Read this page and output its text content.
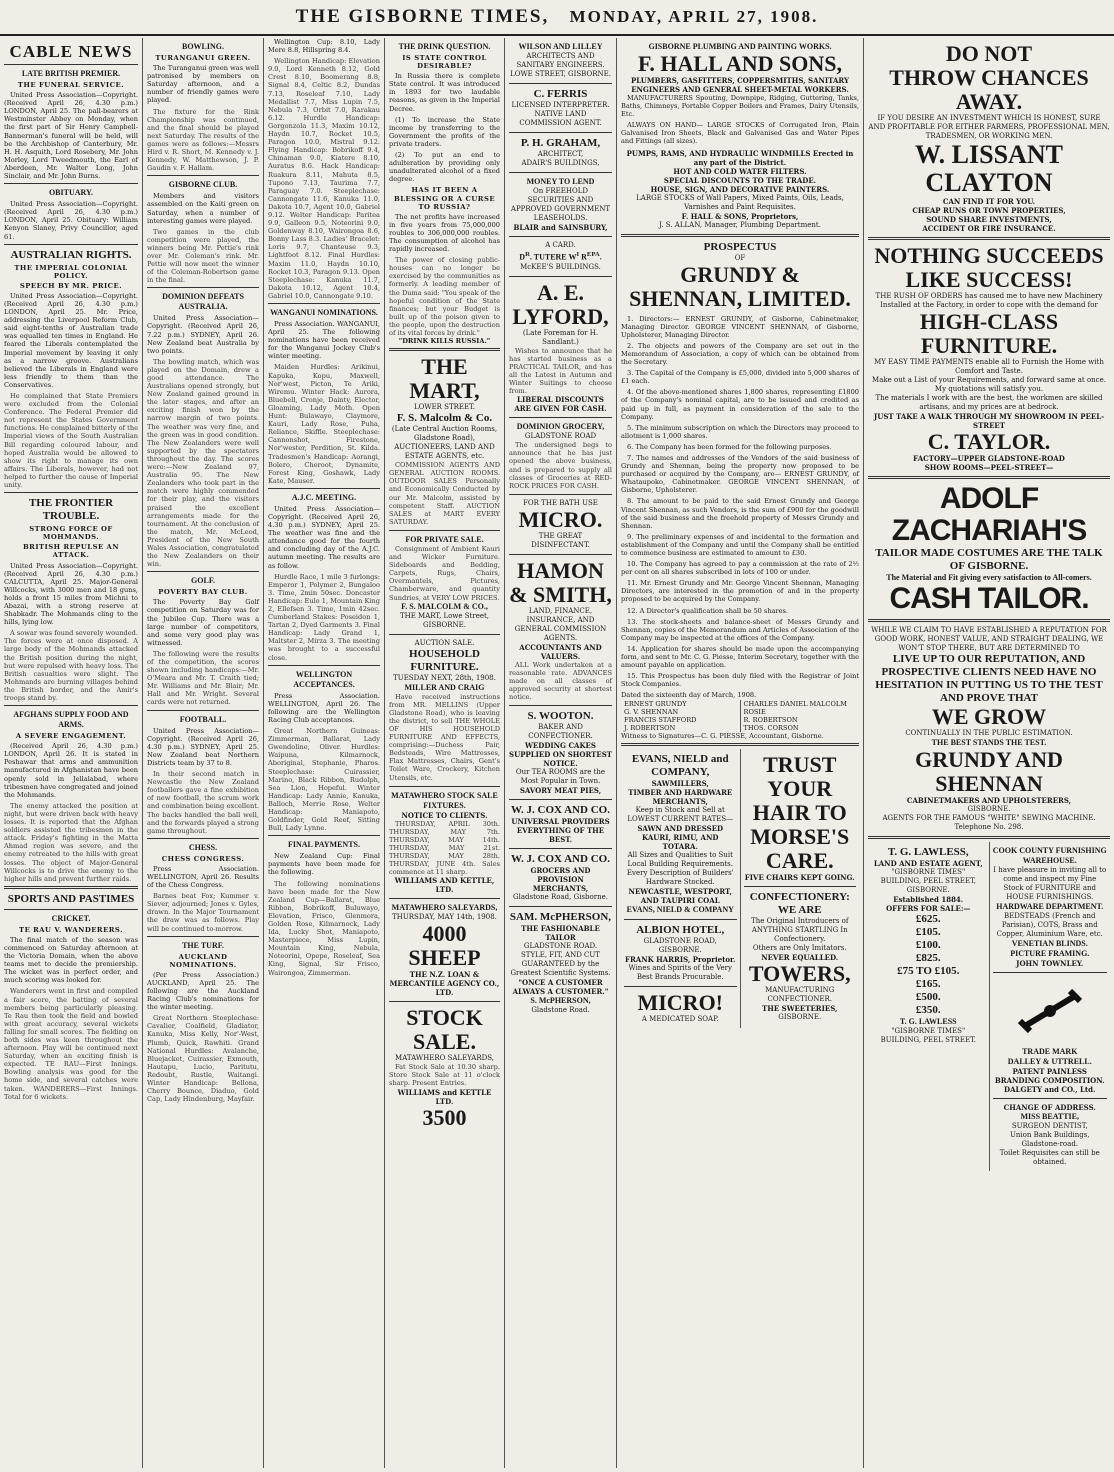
THE GISBORNE TIMES, MONDAY, APRIL 27, 1908.
CABLE NEWS
LATE BRITISH PREMIER.
THE FUNERAL SERVICE.

United Press Association—Copyright. (Received April 26, 4.30 p.m.) LONDON, April 25. The pall-bearers at Westminster Abbey on Monday, when the first part of Sir Henry Campbell-Bannerman's funeral will be held, will be the Archbishop of Canterbury, Mr. H. H. Asquith, Lord Rosebery, Mr. John Morley, Lord Tweedmouth, the Earl of Aberdeen, Mr. Walter Long, John Sinclair, and Mr. John Burns.

OBITUARY.

United Press Association—Copyright. (Received April 26, 4.30 p.m.) LONDON, April 25. Obituary: William Kenyon Slaney, Privy Councillor, aged 61.

AUSTRALIAN RIGHTS.
THE IMPERIAL COLONIAL POLICY.
SPEECH BY MR. PRICE.

United Press Association—Copyright. (Received April 26, 4.30 p.m.) LONDON, April 25. Mr. Price, addressing the Liverpool Reform Club, said eight-tenths of Australian trade was equalled ten times in England. He feared the Liberals contemplated the Imperial movement by leaving it only as a narrow groove. Australians believed the Liberals in England were less friendly to them than the Conservatives.

He complained that State Premiers were excluded from the Colonial Conference. The Federal Premier did not represent the States Government functions. He complained bitterly of the Imperial views of the South Australian Bill regarding coloured labour, and hoped Australia would be allowed to show its right to manage its own affairs. The Liberals, however, had not helped to further the cause of Imperial unity.
THE FRONTIER TROUBLE.
STRONG FORCE OF MOHMANDS.
BRITISH REPULSE AN ATTACK.

United Press Association—Copyright. (Received April 26, 4.30 p.m.) CALCUTTA, April 25. Major-General Willcocks, with 3000 men and 18 guns, holds a front 15 miles from Michni to Abazai, with a strong reserve at Shabkadr. The Mohmands cling to the hills, lying low.

A sowar was found severely wounded. The forces were at once disposed. A large body of the Mohmands attacked the British position during the night, but were repulsed with heavy loss. The British casualties were slight. The Mohmands are burning villages behind the British border, and the Amir's troops stand by.
AFGHANS SUPPLY FOOD AND ARMS.
A SEVERE ENGAGEMENT.

(Received April 26, 4.30 p.m.) LONDON, April 26. It is stated in Peshawar that arms and ammunition manufactured in Afghanistan have been openly sold in Jellalabad, where tribesmen have congregated and joined the Mohmands.

The enemy attacked the position at night, but were driven back with heavy losses. It is reported that the Afghan soldiers assisted the tribesmen in the attack. Friday's fighting in the Matta Ahmad region was severe, and the enemy retreated to the hills with great losses. The object of Major-General Willcocks is to drive the enemy to the higher hills and prevent further raids.
SPORTS AND PASTIMES
CRICKET.
TE RAU V. WANDERERS.

The final match of the season was commenced on Saturday afternoon at the Victoria Domain, when the above teams met to decide the premiership. The wicket was in perfect order, and much scoring was looked for.

Wanderers went in first and compiled a fair score, the batting of several members being particularly pleasing. Te Rau then took the field and bowled with great accuracy, several wickets falling for small scores. The fielding on both sides was keen throughout the afternoon. Play will be continued next Saturday, when an exciting finish is expected. TE RAU—First Innings. Bowling analysis was good for the home side, and several catches were taken. WANDERERS—First Innings. Total for 6 wickets.
BOWLING.
TURANGANUI GREEN.

The Turanganui green was well patronised by members on Saturday afternoon, and a number of friendly games were played.

The fixture for the Rink Championship was continued, and the final should be played next Saturday. The results of the games were as follows:—Messrs Hird v. R. Short, M. Kennedy v. J. Kennedy, W. Matthewson, J. P. Gaudin v. F. Hallam.
GISBORNE CLUB.

Members and visitors assembled on the Kaiti green on Saturday, when a number of interesting games were played.

Two games in the club competition were played, the winners being Mr. Pettie's rink over Mr. Coleman's rink. Mr. Pettie will now meet the winner of the Coleman-Robertson game in the final.
DOMINION DEFEATS AUSTRALIA.

United Press Association—Copyright. (Received April 26, 7.22 p.m.) SYDNEY, April 26. New Zealand beat Australia by two points.

The bowling match, which was played on the Domain, drew a good attendance. The Australians opened strongly, but New Zealand gained ground in the later stages, and after an exciting finish won by the narrow margin of two points. The weather was very fine, and the green was in good condition. The New Zealanders were well supported by the spectators throughout the day. The scores were:—New Zealand 97, Australia 95. The New Zealanders who took part in the match were highly commended for their play, and the visitors praised the excellent arrangements made for the tournament. At the conclusion of the match, Mr. McLeod, President of the New South Wales Association, congratulated the New Zealanders on their win.
GOLF.
POVERTY BAY CLUB.

The Poverty Bay Golf competition on Saturday was for the Jubilee Cup. There was a large number of competitors, and some very good play was witnessed.

The following were the results of the competition, the scores shown including handicaps:—Mr. O'Meara and Mr. T. Craith tied; Mr. Williams and Mr. Blair; Mr. Hall and Mr. Wright. Several cards were not returned.
FOOTBALL.

United Press Association—Copyright. (Received April 26, 4.30 p.m.) SYDNEY, April 25. New Zealand beat Northern Districts team by 37 to 8.

In their second match in Newcastle the New Zealand footballers gave a fine exhibition of new football, the scrum work and combination being excellent. The backs handled the ball well, and the forwards played a strong game throughout.
CHESS.
CHESS CONGRESS.

Press Association. WELLINGTON, April 26. Results of the Chess Congress.

Barnes beat Fox; Kummer v. Siever, adjourned; Jones v. Gyles, drawn. In the Major Tournament the draw was as follows. Play will be continued to-morrow.
THE TURF.
AUCKLAND NOMINATIONS.

(Per Press Association.) AUCKLAND, April 25. The following are the Auckland Racing Club's nominations for the winter meeting.

Great Northern Steeplechase: Cavalier, Coalfield, Gladiator, Kanuka, Miss Kelly, Nor'-West, Plumb, Quick, Rawhiti. Grand National Hurdles: Avalanche, Bluejacket, Cuirassier, Exmouth, Hautapu, Lucio, Paritutu, Redoubt, Rustle, Waitangi. Winter Handicap: Bellona, Cherry Bounce, Diaduo, Gold Cap, Lady Hindenburg, Mayfair.

Wellington Cup: 8.10, Lady Mere 8.8, Hillspring 8.4.

Wellington Handicap: Elevation 9.0, Lord Kenneth 8.12, Gold Crest 8.10, Boomerang 8.8, Signal 8.4, Celtic 8.2, Dundas 7.13, Roseleaf 7.10, Lady Medallist 7.7, Miss Lupin 7.5, Nebula 7.3, Orbit 7.0, Rarakau 6.12. Hurdle Handicap: Gorgonzola 11.3, Maxim 10.12, Haydn 10.7, Rocket 10.5, Paragon 10.0, Mistral 9.12. Flying Handicap: Bobrikoff 9.4, Chinaman 9.0, Kiatere 8.10, Auratus 8.6. Hack Handicap: Ruakura 8.11, Mahuta 8.5, Tupono 7.13, Taurima 7.7, Paraguay 7.0. Steeplechase: Cannongate 11.6, Kanuka 11.0, Dakota 10.7, Agent 10.0, Gabriel 9.12. Welter Handicap: Paritea 9.9, Galleon 9.5, Noteorini 9.0, Goldenway 8.10, Wairongoa 8.6, Bonny Lass 8.3. Ladies' Bracelet: Loris 9.7, Chanteuse 9.3, Lightfoot 8.12. Final Hurdles: Maxim 11.0, Haydn 10.10, Rocket 10.3, Paragon 9.13. Open Steeplechase: Kanuka 11.7, Dakota 10.12, Agent 10.4, Gabriel 10.0, Cannongate 9.10.
WANGANUI NOMINATIONS.

Press Association. WANGANUI, April 25. The following nominations have been received for the Wanganui Jockey Club's winter meeting.

Maiden Hurdles: Arikinui, Kapuka, Kopu, Maxwell, Nor'west, Picton, Te Ariki, Wiremu. Winter Hack: Aurora, Bluebell, Cronje, Dainty, Elector, Gloaming, Lady Moth. Open Hunt: Bulawayo, Claymore, Kauri, Lady Rose, Puha, Reliance, Skiffle. Steeplechase: Cannonshot, Firestone, Nor'wester, Perdition, St. Kilda. Tradesmen's Handicap: Aorangi, Bolero, Cheroot, Dynamite, Forest King, Goshawk, Lady Kate, Mauser.
A.J.C. MEETING.

United Press Association—Copyright. (Received April 26, 4.30 p.m.) SYDNEY, April 25. The weather was fine and the attendance good for the fourth and concluding day of the A.J.C. autumn meeting. The results are as follow.

Hurdle Race, 1 mile 3 furlongs: Emperor 1, Polymer 2, Bungaloo 3. Time, 2min 50sec. Doncaster Handicap: Eulo 1, Mountain King 2, Ellefsen 3. Time, 1min 42sec. Cumberland Stakes: Poseidon 1, Tartan 2, Dyed Garments 3. Final Handicap: Lady Grand 1, Maltster 2, Mirza 3. The meeting was brought to a successful close.
WELLINGTON ACCEPTANCES.

Press Association. WELLINGTON, April 26. The following are the Wellington Racing Club acceptances.

Great Northern Guineas: Zimmerman, Ballarat, Lady Gwendoline, Oliver. Hurdles: Waipuna, Kilmarnock, Aboriginal, Stephanie, Pharos. Steeplechase: Cuirassier, Marino, Black Ribbon, Rudolph, Sea Lion, Hopeful. Winter Handicap: Lady Annie, Kanuka, Balloch, Merrie Rose, Welter Handicap: Maniapoto, Goldfinder, Gold Reef, Sitting Bull, Lady Lynne.
FINAL PAYMENTS.

New Zealand Cup: Final payments have been made for the following.

The following nominations have been made for the New Zealand Cup—Ballarat, Blue Ribbon, Bobrikoff, Buluwayo, Elevation, Frisco, Glenmora, Golden Rose, Kilmarnock, Lady Ida, Lucky Shot, Maniapoto, Masterpiece, Miss Lupin, Mountain King, Nebula, Noteorini, Opepe, Roseleaf, Sea King, Signal, Sir Frisco, Wairongoa, Zimmerman.
THE DRINK QUESTION.
IS STATE CONTROL DESIRABLE?

In Russia there is complete State control. It was introduced in 1893 for two laudable reasons, as given in the Imperial Decree.

(1) To increase the State income by transferring to the Government the profits of the private traders.

(2) To put an end to adulteration by providing only unadulterated alcohol of a fixed degree.

HAS IT BEEN A BLESSING OR A CURSE TO RUSSIA?

The net profits have increased in five years from 75,000,000 roubles to 306,000,000 roubles. The consumption of alcohol has rapidly increased.

The power of closing public-houses can no longer be exercised by the communities as formerly. A leading member of the Duma said: "You speak of the hopeful condition of the State finances; but your Budget is built up of the poison given to the people, upon the destruction of its vital forces by drink."
"DRINK KILLS RUSSIA."
THE MART,
LOWER STREET.
F. S. Malcolm & Co.
(Late Central Auction Rooms, Gladstone Road), AUCTIONEERS, LAND AND ESTATE AGENTS, etc.
COMMISSION AGENTS AND GENERAL AUCTION ROOMS. OUTDOOR SALES Personally and Economically Conducted by our Mr. Malcolm, assisted by competent Staff. AUCTION SALES at MART EVERY SATURDAY.
FOR PRIVATE SALE.
Consignment of Ambient Kauri and Wicker Furniture. Sideboards and Bedding, Carpets, Rugs, Chairs, Overmantels, Pictures, Chamberware, and quantity Sundries, at VERY LOW PRICES.
F. S. MALCOLM & CO.,
THE MART, Lowe Street, GISBORNE.
AUCTION SALE.
HOUSEHOLD FURNITURE.
TUESDAY NEXT, 28th, 1908.
MILLER AND CRAIG
Have received instructions from MR. MELLINS (Upper Gladstone Road), who is leaving the district, to sell THE WHOLE OF HIS HOUSEHOLD FURNITURE AND EFFECTS, comprising:—Duchess Pair, Bedsteads, Wire Mattresses, Flax Mattresses, Chairs, Gent's Toilet Ware, Crockery, Kitchen Utensils, etc.
MATAWHERO STOCK SALE FIXTURES.
NOTICE TO CLIENTS.
THURSDAY, APRIL 30th. THURSDAY, MAY 7th. THURSDAY, MAY 14th. THURSDAY, MAY 21st. THURSDAY, MAY 28th. THURSDAY, JUNE 4th. Sales commence at 11 sharp.
WILLIAMS AND KETTLE, LTD.
MATAWHERO SALEYARDS,
THURSDAY, MAY 14th, 1908.
4000 SHEEP
THE N.Z. LOAN & MERCANTILE AGENCY CO., LTD.
STOCK SALE.
MATAWHERO SALEYARDS,
Fat Stock Sale at 10.30 sharp. Store Stock Sale at 11 o'clock sharp. Present Entries.
WILLIAMS and KETTLE LTD.
3500
WILSON AND LILLEY
ARCHITECTS AND SANITARY ENGINEERS.
LOWE STREET, GISBORNE.
C. FERRIS
LICENSED INTERPRETER.
NATIVE LAND COMMISSION AGENT.
P. H. GRAHAM,
ARCHITECT,
ADAIR'S BUILDINGS,
MONEY TO LEND
On FREEHOLD SECURITIES AND APPROVED GOVERNMENT LEASEHOLDS.
BLAIR and SAINSBURY,
A CARD.
$D^R$. TUTERE $W^I$ $R^{EPA}$.
McKEE'S BUILDINGS.
A. E. LYFORD,
(Late Foreman for H. Sandlant.)
Wishes to announce that he has started business as a PRACTICAL TAILOR, and has all the Latest in Autumn and Winter Suitings to choose from.
LIBERAL DISCOUNTS ARE GIVEN FOR CASH.
DOMINION GROCERY,
GLADSTONE ROAD
The undersigned begs to announce that he has just opened the above business, and is prepared to supply all classes of Groceries at RED-ROCK PRICES FOR CASH.
FOR THE BATH USE
MICRO.
THE GREAT DISINFECTANT.
HAMON & SMITH,
LAND, FINANCE, INSURANCE, AND GENERAL COMMISSION AGENTS.
ACCOUNTANTS AND VALUERS.
ALL Work undertaken at a reasonable rate. ADVANCES made on all classes of approved security at shortest notice.
S. WOOTON.
BAKER AND CONFECTIONER.
WEDDING CAKES SUPPLIED ON SHORTEST NOTICE.
Our TEA ROOMS are the Most Popular in Town.
SAVORY MEAT PIES,
W. J. COX AND CO.
UNIVERSAL PROVIDERS
EVERYTHING OF THE BEST.
W. J. COX AND CO.
GROCERS AND PROVISION MERCHANTS,
Gladstone Road, Gisborne.
SAM. McPHERSON,
THE FASHIONABLE TAILOR
GLADSTONE ROAD.
STYLE, FIT, AND CUT GUARANTEED by the Greatest Scientific Systems.
"ONCE A CUSTOMER ALWAYS A CUSTOMER."
S. McPHERSON,
Gladstone Road.
GISBORNE PLUMBING AND PAINTING WORKS.
F. HALL AND SONS,
PLUMBERS, GASFITTERS, COPPERSMITHS, SANITARY ENGINEERS AND GENERAL SHEET-METAL WORKERS.

MANUFACTURERS Spouting, Downpipe, Ridging, Guttering, Tanks, Baths, Chimneys, Portable Copper Boilers and Frames, Dairy Utensils, Etc.

ALWAYS ON HAND— LARGE STOCKS of Corrugated Iron, Plain Galvanised Iron Sheets, Black and Galvanised Gas and Water Pipes and Fittings (all sizes).

PUMPS, RAMS, AND HYDRAULIC WINDMILLS Erected in any part of the District.
HOT AND COLD WATER FILTERS.
SPECIAL DISCOUNTS TO THE TRADE.
HOUSE, SIGN, AND DECORATIVE PAINTERS.
LARGE STOCKS of Wall Papers, Mixed Paints, Oils, Leads, Varnishes and Paint Requisites.
F. HALL & SONS, Proprietors,
J. S. ALLAN, Manager, Plumbing Department.
PROSPECTUS
OF
GRUNDY & SHENNAN, LIMITED.

1. Directors:— ERNEST GRUNDY, of Gisborne, Cabinetmaker, Managing Director. GEORGE VINCENT SHENNAN, of Gisborne, Upholsterer, Managing Director.

2. The objects and powers of the Company are set out in the Memorandum of Association, a copy of which can be obtained from the Secretary.

3. The Capital of the Company is £5,000, divided into 5,000 shares of £1 each.

4. Of the above-mentioned shares 1,800 shares, representing £1800 of the Company's nominal capital, are to be issued and credited as paid up in full, as payment in consideration of the sale to the Company.

5. The minimum subscription on which the Directors may proceed to allotment is 1,000 shares.

6. The Company has been formed for the following purposes.

7. The names and addresses of the Vendors of the said business of Grundy and Shennan, being the property now proposed to be purchased or acquired by the Company, are— ERNEST GRUNDY, of Whataupoko, Cabinetmaker. GEORGE VINCENT SHENNAN, of Gisborne, Upholsterer.

8. The amount to be paid to the said Ernest Grundy and George Vincent Shennan, as such Vendors, is the sum of £900 for the goodwill of the said business and the freehold property of Messrs Grundy and Shennan.

9. The preliminary expenses of and incidental to the formation and establishment of the Company and until the Company shall be entitled to commence business are estimated to amount to £30.

10. The Company has agreed to pay a commission at the rate of 2½ per cent on all shares subscribed in lots of 100 or under.

11. Mr. Ernest Grundy and Mr. George Vincent Shennan, Managing Directors, are interested in the promotion of and in the property proposed to be acquired by the Company.

12. A Director's qualification shall be 50 shares.

13. The stock-sheets and balance-sheet of Messrs Grundy and Shennan, copies of the Memorandum and Articles of Association of the Company may be inspected at the offices of the Company.

14. Application for shares should be made upon the accompanying form, and sent to Mr. C. G. Piesse, Interim Secretary, together with the amount payable on application.

15. This Prospectus has been duly filed with the Registrar of Joint Stock Companies.

Dated the sixteenth day of March, 1908.
ERNEST GRUNDY
G. V. SHENNAN
FRANCIS STAFFORD
J. ROBERTSON
CHARLES DANIEL MALCOLM ROSIE
R. ROBERTSON
THOS. CORSON
Witness to Signatures—C. G. PIESSE, Accountant, Gisborne.
EVANS, NIELD and COMPANY,
SAWMILLERS,
TIMBER AND HARDWARE MERCHANTS,
Keep in Stock and Sell at LOWEST CURRENT RATES—
SAWN AND DRESSED
KAURI, RIMU, AND TOTARA.
All Sizes and Qualities to Suit Local Building Requirements.
Every Description of Builders' Hardware Stocked.
NEWCASTLE, WESTPORT, AND TAUPIRI COAL
EVANS, NIELD & COMPANY
ALBION HOTEL,
GLADSTONE ROAD, GISBORNE.
FRANK HARRIS, Proprietor.
Wines and Spirits of the Very Best Brands Procurable.
MICRO!
A MEDICATED SOAP.
TRUST YOUR HAIR TO MORSE'S CARE.
FIVE CHAIRS KEPT GOING.
CONFECTIONERY:
WE ARE
The Original Introducers of ANYTHING STARTLING In Confectionery.
Others are Only Imitators.
NEVER EQUALLED.
TOWERS,
MANUFACTURING CONFECTIONER.
THE SWEETERIES,
GISBORNE.
DO NOT
THROW CHANCES AWAY.
IF YOU DESIRE AN INVESTMENT WHICH IS HONEST, SURE AND PROFITABLE FOR EITHER FARMERS, PROFESSIONAL MEN, TRADESMEN, OR WORKING MEN.
W. LISSANT CLAYTON
CAN FIND IT FOR YOU.
CHEAP RUNS OR TOWN PROPERTIES,
SOUND SHARE INVESTMENTS,
ACCIDENT OR FIRE INSURANCE.
NOTHING SUCCEEDS LIKE SUCCESS!
THE RUSH OF ORDERS has caused me to have new Machinery Installed at the Factory, in order to cope with the demand for
HIGH-CLASS FURNITURE.
MY EASY TIME PAYMENTS enable all to Furnish the Home with Comfort and Taste.
Make out a List of your Requirements, and forward same at once. My quotations will satisfy you.
The materials I work with are the best, the workmen are skilled artisans, and my prices are at bedrock.
JUST TAKE A WALK THROUGH MY SHOWROOM IN PEEL-STREET
C. TAYLOR.
FACTORY—UPPER GLADSTONE-ROAD
SHOW ROOMS—PEEL-STREET—
ADOLF ZACHARIAH'S
TAILOR MADE COSTUMES ARE THE TALK OF GISBORNE.
The Material and Fit giving every satisfaction to All-comers.
CASH TAILOR.
WHILE WE CLAIM TO HAVE ESTABLISHED A REPUTATION FOR GOOD WORK, HONEST VALUE, AND STRAIGHT DEALING, WE WON'T STOP THERE, BUT ARE DETERMINED TO
LIVE UP TO OUR REPUTATION, AND PROSPECTIVE CLIENTS NEED HAVE NO HESITATION IN PUTTING US TO THE TEST AND PROVE THAT
WE GROW
CONTINUALLY IN THE PUBLIC ESTIMATION.
THE BEST STANDS THE TEST.
GRUNDY AND SHENNAN
CABINETMAKERS AND UPHOLSTERERS,
GISBORNE.
AGENTS FOR THE FAMOUS "WHITE" SEWING MACHINE.
Telephone No. 298.
T. G. LAWLESS,
LAND AND ESTATE AGENT,
"GISBORNE TIMES" BUILDING, PEEL STREET, GISBORNE.
Established 1884.
OFFERS FOR SALE:—
£625.
£105.
£100.
£825.
£75 TO £105.
£165.
£500.
£350.
T. G. LAWLESS
"GISBORNE TIMES" BUILDING, PEEL STREET.
COOK COUNTY FURNISHING WAREHOUSE.
I have pleasure in inviting all to come and inspect my Fine Stock of FURNITURE and HOUSE FURNISHINGS.
HARDWARE DEPARTMENT.
BEDSTEADS (French and Parisian), COTS, Brass and Copper, Aluminium Ware, etc.
VENETIAN BLINDS.
PICTURE FRAMING.
JOHN TOWNLEY.
TRADE MARK
DALLEY & UTTRELL.
PATENT PAINLESS BRANDING COMPOSITION.
DALGETY and CO., Ltd.
CHANGE OF ADDRESS.
MISS BEATTIE,
SURGEON DENTIST,
Union Bank Buildings, Gladstone-road.
Toilet Requisites can still be obtained.
